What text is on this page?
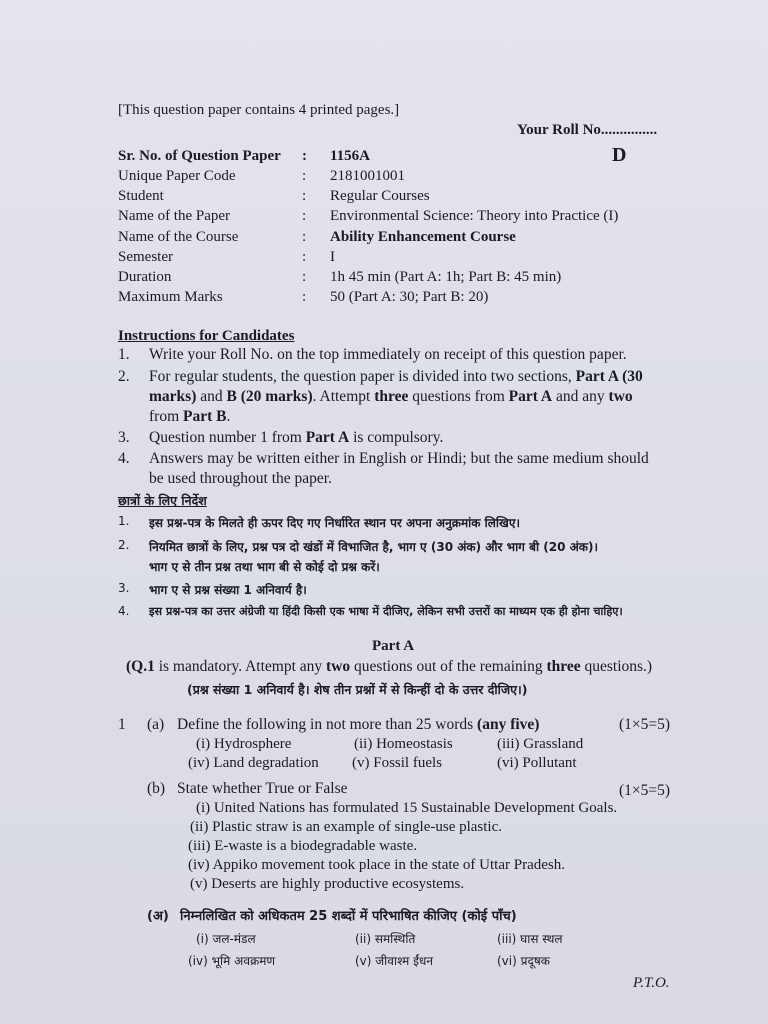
[This question paper contains 4 printed pages.]
Your Roll No...............
D
Sr. No. of Question Paper : 1156A
Unique Paper Code	: 2181001001
Student	: Regular Courses
Name of the Paper	: Environmental Science: Theory into Practice (I)
Name of the Course	: Ability Enhancement Course
Semester	: I
Duration	: 1h 45 min (Part A: 1h; Part B: 45 min)
Maximum Marks	: 50 (Part A: 30; Part B: 20)
Instructions for Candidates
1. Write your Roll No. on the top immediately on receipt of this question paper.
2. For regular students, the question paper is divided into two sections, Part A (30
marks) and B (20 marks). Attempt three questions from Part A and any two
from Part B.
3. Question number 1 from Part A is compulsory.
4. Answers may be written either in English or Hindi; but the same medium should
be used throughout the paper.
छात्रों के लिए निर्देश
1. इस प्रश्न-पत्र के मिलते ही ऊपर दिए गए निर्धारित स्थान पर अपना अनुक्रमांक लिखिए।
2. नियमित छात्रों के लिए, प्रश्न पत्र दो खंडों में विभाजित है, भाग ए (30 अंक) और भाग बी (20 अंक)।
भाग ए से तीन प्रश्न तथा भाग बी से कोई दो प्रश्न करें।
3. भाग ए से प्रश्न संख्या 1 अनिवार्य है।
4. इस प्रश्न-पत्र का उत्तर अंग्रेजी या हिंदी किसी एक भाषा में दीजिए, लेकिन सभी उत्तरों का माध्यम एक ही होना चाहिए।
Part A
(Q.1 is mandatory. Attempt any two questions out of the remaining three questions.)
(प्रश्न संख्या 1 अनिवार्य है। शेष तीन प्रश्नों में से किन्हीं दो के उत्तर दीजिए।)
1 (a) Define the following in not more than 25 words (any five)	(1×5=5)
(i) Hydrosphere	(ii) Homeostasis	(iii) Grassland
(iv) Land degradation (v) Fossil fuels	(vi) Pollutant
(b) State whether True or False	(1×5=5)
(i) United Nations has formulated 15 Sustainable Development Goals.
(ii) Plastic straw is an example of single-use plastic.
(iii) E-waste is a biodegradable waste.
(iv) Appiko movement took place in the state of Uttar Pradesh.
(v) Deserts are highly productive ecosystems.
(अ) निम्नलिखित को अधिकतम 25 शब्दों में परिभाषित कीजिए (कोई पाँच)
(i) जल-मंडल	(ii) समस्थिति	(iii) घास स्थल
(iv) भूमि अवक्रमण	(v) जीवाश्म ईंधन	(vi) प्रदूषक
P.T.O.
